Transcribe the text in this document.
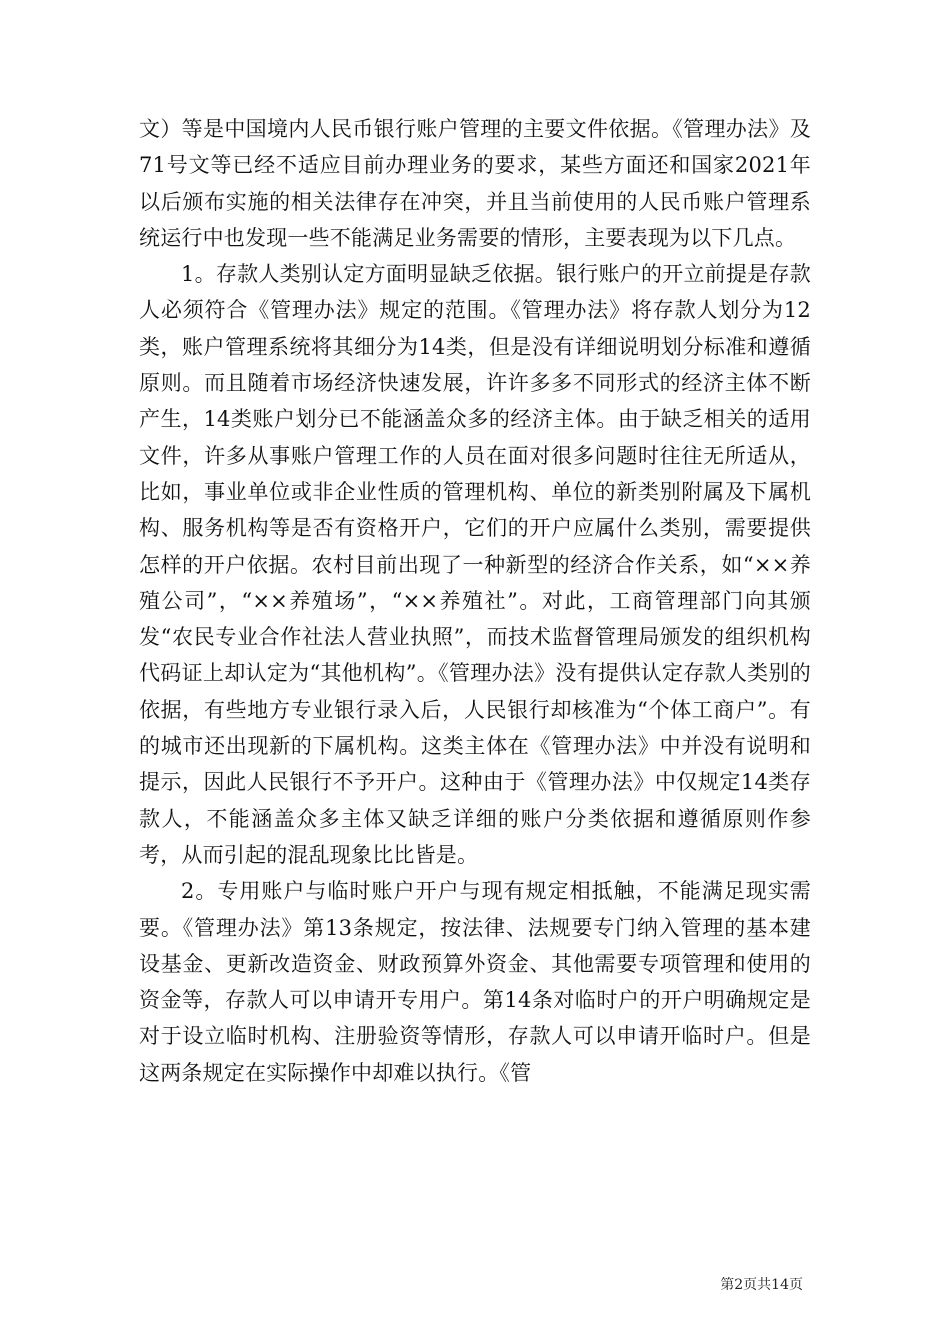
文）等是中国境内人民币银行账户管理的主要文件依据。《管理办法》及71号文等已经不适应目前办理业务的要求，某些方面还和国家2021年以后颁布实施的相关法律存在冲突，并且当前使用的人民币账户管理系统运行中也发现一些不能满足业务需要的情形，主要表现为以下几点。

1。存款人类别认定方面明显缺乏依据。银行账户的开立前提是存款人必须符合《管理办法》规定的范围。《管理办法》将存款人划分为12类，账户管理系统将其细分为14类，但是没有详细说明划分标准和遵循原则。而且随着市场经济快速发展，许许多多不同形式的经济主体不断产生，14类账户划分已不能涵盖众多的经济主体。由于缺乏相关的适用文件，许多从事账户管理工作的人员在面对很多问题时往往无所适从，比如，事业单位或非企业性质的管理机构、单位的新类别附属及下属机构、服务机构等是否有资格开户，它们的开户应属什么类别，需要提供怎样的开户依据。农村目前出现了一种新型的经济合作关系，如“××养殖公司”，“××养殖场”，“××养殖社”。对此，工商管理部门向其颁发“农民专业合作社法人营业执照”，而技术监督管理局颁发的组织机构代码证上却认定为“其他机构”。《管理办法》没有提供认定存款人类别的依据，有些地方专业银行录入后，人民银行却核准为“个体工商户”。有的城市还出现新的下属机构。这类主体在《管理办法》中并没有说明和提示，因此人民银行不予开户。这种由于《管理办法》中仅规定14类存款人，不能涵盖众多主体又缺乏详细的账户分类依据和遵循原则作参考，从而引起的混乱现象比比皆是。

2。专用账户与临时账户开户与现有规定相抵触，不能满足现实需要。《管理办法》第13条规定，按法律、法规要专门纳入管理的基本建设基金、更新改造资金、财政预算外资金、其他需要专项管理和使用的资金等，存款人可以申请开专用户。第14条对临时户的开户明确规定是对于设立临时机构、注册验资等情形，存款人可以申请开临时户。但是这两条规定在实际操作中却难以执行。《管

第2页共14页
